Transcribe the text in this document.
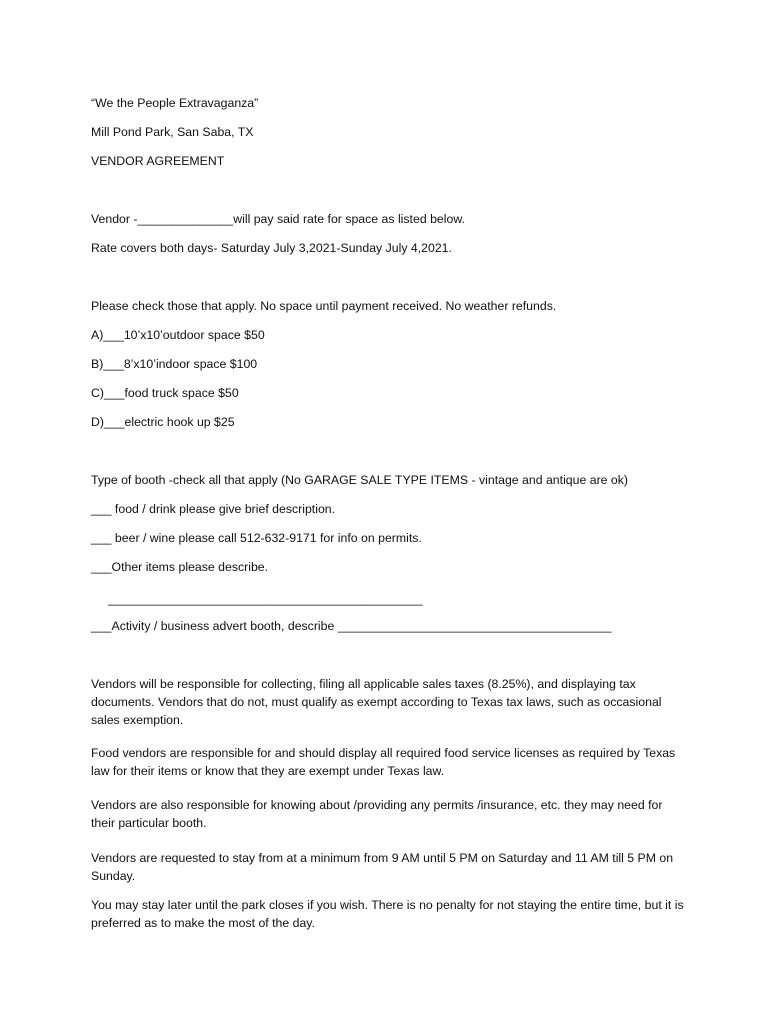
“We the People Extravaganza”

Mill Pond Park, San Saba, TX

VENDOR AGREEMENT

Vendor -______________will pay said rate for space as listed below.

Rate covers both days- Saturday July 3,2021-Sunday July 4,2021.

Please check those that apply. No space until payment received. No weather refunds.

A)___10’x10’outdoor space $50

B)___8’x10’indoor space $100

C)___food truck space $50

D)___electric hook up $25

Type of booth -check all that apply (No GARAGE SALE TYPE ITEMS - vintage and antique are ok)

___ food / drink please give brief description.

___ beer / wine please call 512-632-9171 for info on permits.

___Other items please describe.

______________________________________________

___Activity / business advert booth, describe ________________________________________

Vendors will be responsible for collecting, filing all applicable sales taxes (8.25%), and displaying tax documents. Vendors that do not, must qualify as exempt according to Texas tax laws, such as occasional sales exemption.

Food vendors are responsible for and should display all required food service licenses as required by Texas law for their items or know that they are exempt under Texas law.

Vendors are also responsible for knowing about /providing any permits /insurance, etc. they may need for their particular booth.

Vendors are requested to stay from at a minimum from 9 AM until 5 PM on Saturday and 11 AM till 5 PM on Sunday.

You may stay later until the park closes if you wish. There is no penalty for not staying the entire time, but it is preferred as to make the most of the day.
